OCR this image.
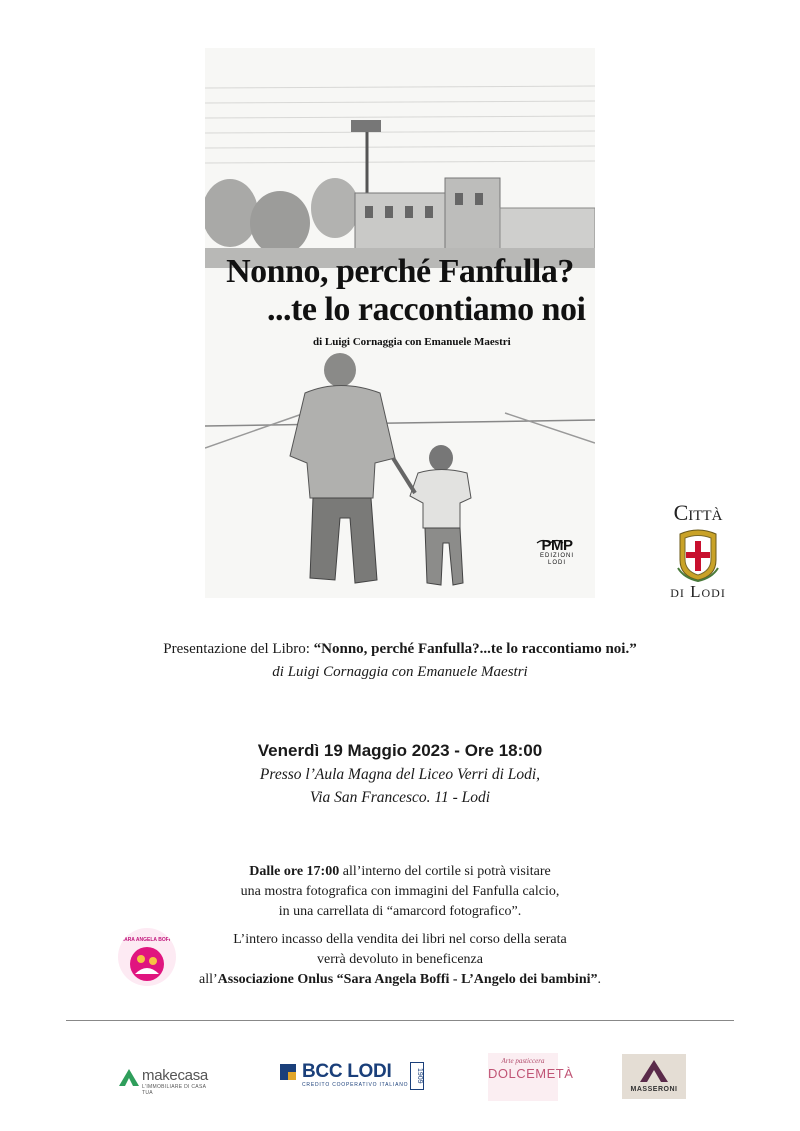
Nonno, perché Fanfulla?
...te lo raccontiamo noi
di Luigi Cornaggia con Emanuele Maestri
PMP
EDIZIONI
LODI
Città
di Lodi
Presentazione del Libro: “Nonno, perché Fanfulla?...te lo raccontiamo noi.”
di Luigi Cornaggia con Emanuele Maestri
Venerdì 19 Maggio 2023 - Ore 18:00
Presso l’Aula Magna del Liceo Verri di Lodi,
Via San Francesco. 11 - Lodi
Dalle ore 17:00 all’interno del cortile si potrà visitare
una mostra fotografica con immagini del Fanfulla calcio,
in una carrellata di “amarcord fotografico”.
L’intero incasso della vendita dei libri nel corso della serata
verrà devoluto in beneficenza
all’Associazione Onlus “Sara Angela Boffi - L’Angelo dei bambini”.
SARA ANGELA BOFFI
makecasa
L'IMMOBILIARE DI CASA TUA
BCC LODI
CREDITO COOPERATIVO ITALIANO
1909
Arte pasticcera
DOLCEMETÀ
MASSERONI
